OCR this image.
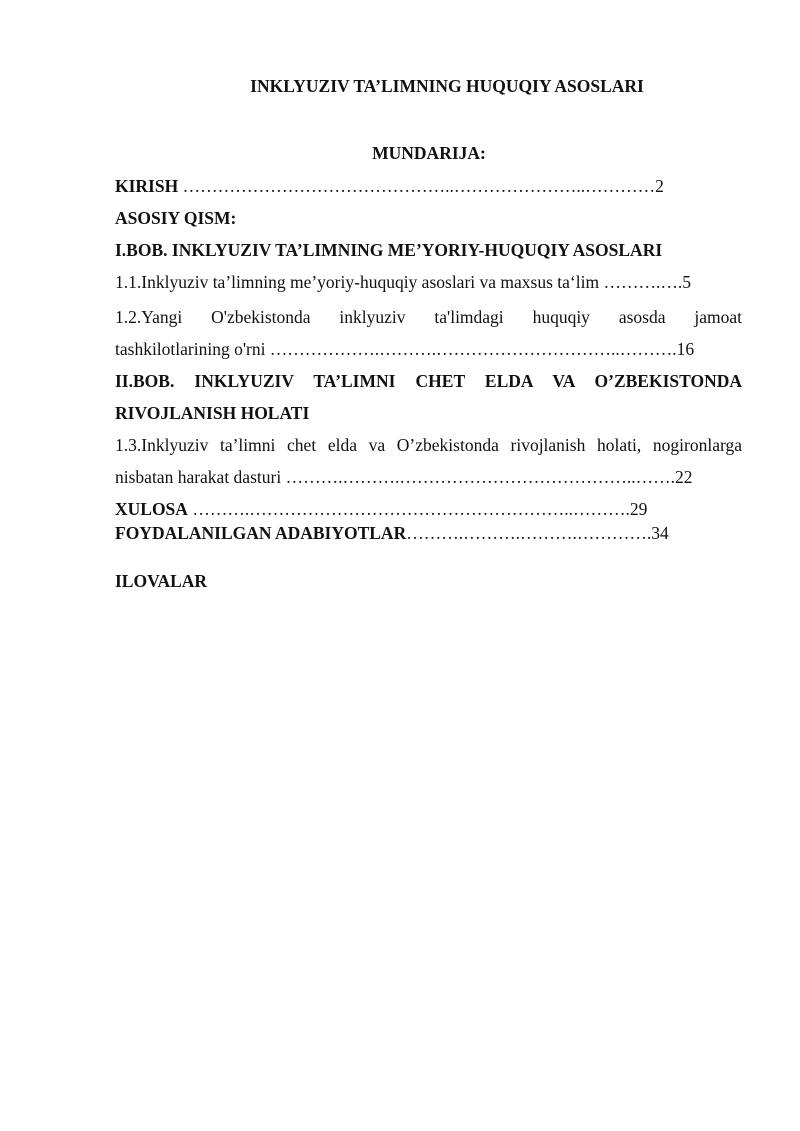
INKLYUZIV TA’LIMNING HUQUQIY ASOSLARI
MUNDARIJA:
KIRISH ………………………………………..…………………..…………2
ASOSIY QISM:
I.BOB. INKLYUZIV TA’LIMNING ME’YORIY-HUQUQIY ASOSLARI
1.1.Inklyuziv ta’limning me’yoriy-huquqiy asoslari va maxsus ta‘lim ……….….5
1.2.Yangi O'zbekistonda inklyuziv ta'limdagi huquqiy asosda jamoat
tashkilotlarining o'rni ……………….……….…………………………..……….16
II.BOB. INKLYUZIV TA’LIMNI CHET ELDA VA O’ZBEKISTONDA
RIVOJLANISH HOLATI
1.3.Inklyuziv ta’limni chet elda va O’zbekistonda rivojlanish holati, nogironlarga
nisbatan harakat dasturi ……….……….…………………………………..…….22
XULOSA ……….………………………………………………..……….29
FOYDALANILGAN ADABIYOTLAR……….……….……….………….34
ILOVALAR
